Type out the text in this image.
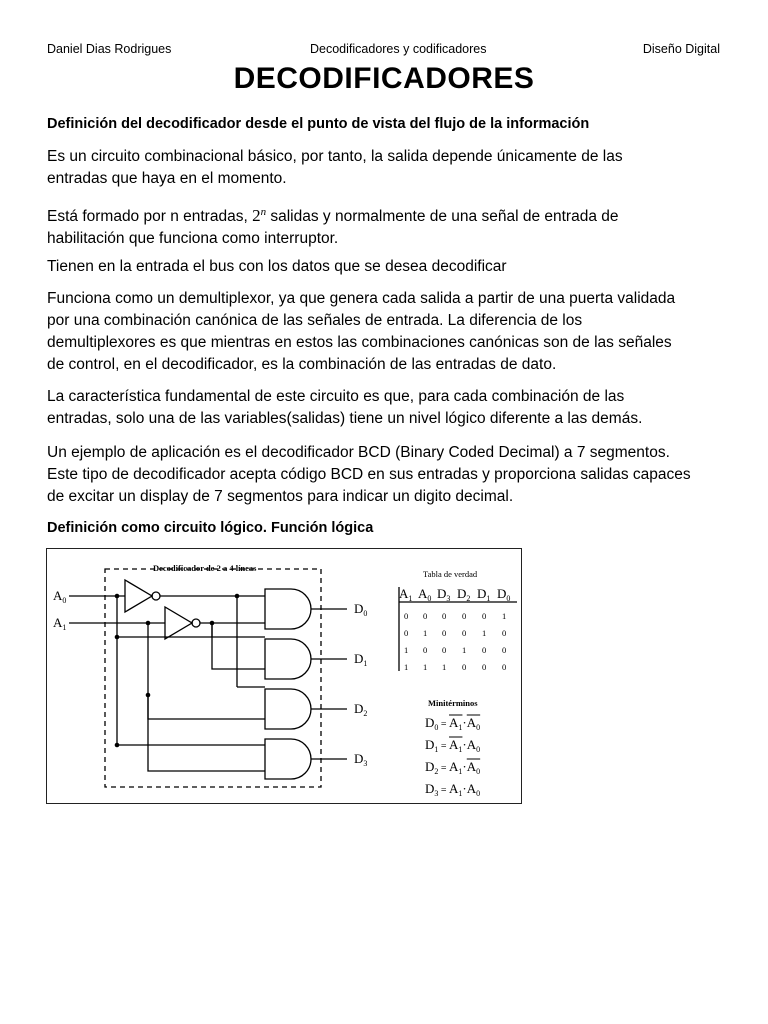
Daniel Dias Rodrigues	Decodificadores y codificadores	Diseño Digital
DECODIFICADORES
Definición del decodificador desde el punto de vista del flujo de la información
Es un circuito combinacional básico, por tanto, la salida depende únicamente de las
entradas que haya en el momento.
Está formado por n entradas, 2$^n$ salidas y normalmente de una señal de entrada de
habilitación que funciona como interruptor.
Tienen en la entrada el bus con los datos que se desea decodificar
Funciona como un demultiplexor, ya que genera cada salida a partir de una puerta validada
por una combinación canónica de las señales de entrada. La diferencia de los
demultiplexores es que mientras en estos las combinaciones canónicas son de las señales
de control, en el decodificador, es la combinación de las entradas de dato.
La característica fundamental de este circuito es que, para cada combinación de las
entradas, solo una de las variables(salidas) tiene un nivel lógico diferente a las demás.
Un ejemplo de aplicación es el decodificador BCD (Binary Coded Decimal) a 7 segmentos.
Este tipo de decodificador acepta código BCD en sus entradas y proporciona salidas capaces
de excitar un display de 7 segmentos para indicar un digito decimal.
Definición como circuito lógico. Función lógica
Decodificador de 2 a 4 líneas
$A_0$
$A_1$
$D_0$
$D_1$
$D_2$
$D_3$
Tabla de verdad
$A_1$ $A_0$ $D_3$ $D_2$ $D_1$ $D_0$
0 0 0 0 0 1
0 1 0 0 1 0
1 0 0 1 0 0
1 1 1 0 0 0
Minitérminos
$D_0$ = $A_1\cdot A_0$
$D_1$ = $A_1\cdot A_0$
$D_2$ = $A_1\cdot A_0$
$D_3$ = $A_1\cdot A_0$
